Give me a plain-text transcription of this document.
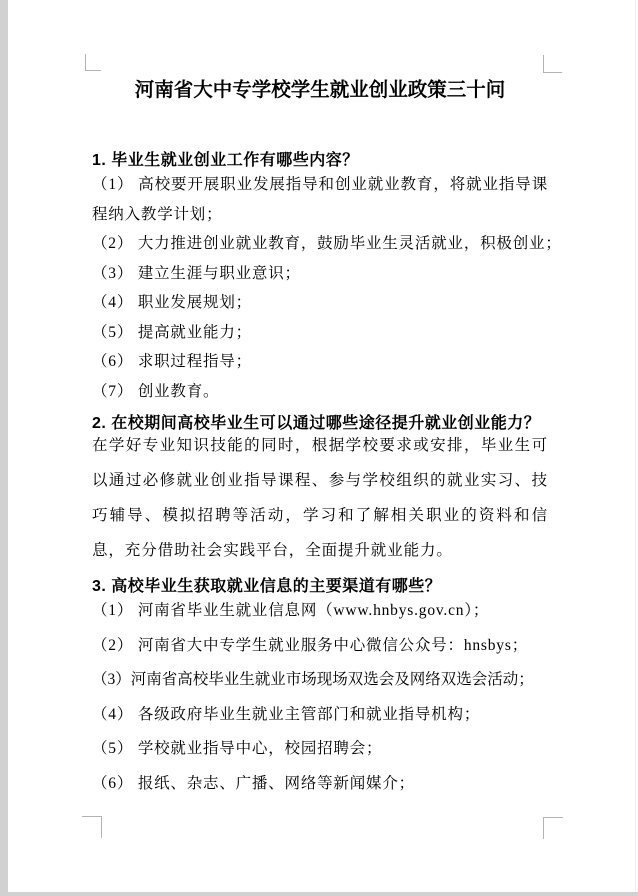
河南省大中专学校学生就业创业政策三十问
1. 毕业生就业创业工作有哪些内容？

（1） 高校要开展职业发展指导和创业就业教育，将就业指导课程纳入教学计划；

（2） 大力推进创业就业教育，鼓励毕业生灵活就业，积极创业；

（3） 建立生涯与职业意识；

（4） 职业发展规划；

（5） 提高就业能力；

（6） 求职过程指导；

（7） 创业教育。

2. 在校期间高校毕业生可以通过哪些途径提升就业创业能力？

在学好专业知识技能的同时，根据学校要求或安排，毕业生可以通过必修就业创业指导课程、参与学校组织的就业实习、技巧辅导、模拟招聘等活动，学习和了解相关职业的资料和信息，充分借助社会实践平台，全面提升就业能力。

3. 高校毕业生获取就业信息的主要渠道有哪些？

（1） 河南省毕业生就业信息网（www.hnbys.gov.cn）；

（2） 河南省大中专学生就业服务中心微信公众号：hnsbys；

（3）河南省高校毕业生就业市场现场双选会及网络双选会活动；

（4） 各级政府毕业生就业主管部门和就业指导机构；

（5） 学校就业指导中心，校园招聘会；

（6） 报纸、杂志、广播、网络等新闻媒介；
